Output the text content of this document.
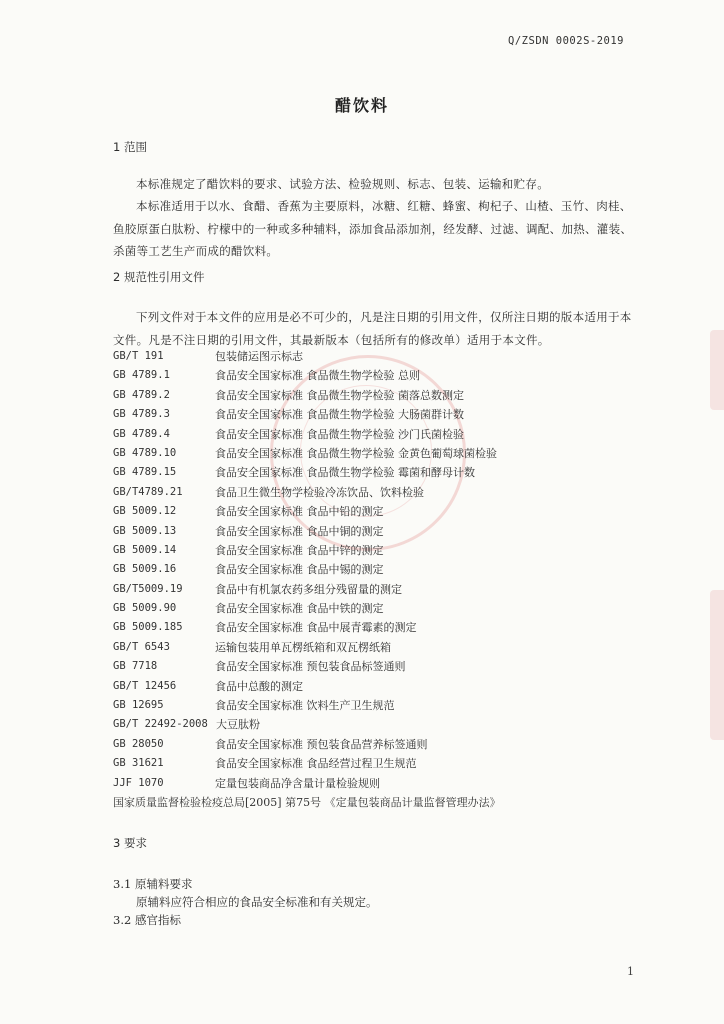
Q/ZSDN 0002S-2019
醋饮料
1 范围

本标准规定了醋饮料的要求、试验方法、检验规则、标志、包装、运输和贮存。

本标准适用于以水、食醋、香蕉为主要原料，冰糖、红糖、蜂蜜、枸杞子、山楂、玉竹、肉桂、鱼胶原蛋白肽粉、柠檬中的一种或多种辅料，添加食品添加剂，经发酵、过滤、调配、加热、灌装、杀菌等工艺生产而成的醋饮料。

2 规范性引用文件

下列文件对于本文件的应用是必不可少的，凡是注日期的引用文件，仅所注日期的版本适用于本文件。凡是不注日期的引用文件，其最新版本（包括所有的修改单）适用于本文件。

GB/T 191	包装储运图示标志
GB 4789.1	食品安全国家标准 食品微生物学检验 总则
GB 4789.2	食品安全国家标准 食品微生物学检验 菌落总数测定
GB 4789.3	食品安全国家标准 食品微生物学检验 大肠菌群计数
GB 4789.4	食品安全国家标准 食品微生物学检验 沙门氏菌检验
GB 4789.10	食品安全国家标准 食品微生物学检验 金黄色葡萄球菌检验
GB 4789.15	食品安全国家标准 食品微生物学检验 霉菌和酵母计数
GB/T4789.21	食品卫生微生物学检验冷冻饮品、饮料检验
GB 5009.12	食品安全国家标准 食品中铅的测定
GB 5009.13	食品安全国家标准 食品中铜的测定
GB 5009.14	食品安全国家标准 食品中锌的测定
GB 5009.16	食品安全国家标准 食品中锡的测定
GB/T5009.19	食品中有机氯农药多组分残留量的测定
GB 5009.90	食品安全国家标准 食品中铁的测定
GB 5009.185	食品安全国家标准 食品中展青霉素的测定
GB/T 6543	运输包装用单瓦楞纸箱和双瓦楞纸箱
GB 7718	食品安全国家标准 预包装食品标签通则
GB/T 12456	食品中总酸的测定
GB 12695	食品安全国家标准 饮料生产卫生规范
GB/T 22492-2008 大豆肽粉
GB 28050	食品安全国家标准 预包装食品营养标签通则
GB 31621	食品安全国家标准 食品经营过程卫生规范
JJF 1070	定量包装商品净含量计量检验规则
国家质量监督检验检疫总局[2005] 第75号 《定量包装商品计量监督管理办法》
3 要求
3.1 原辅料要求
原辅料应符合相应的食品安全标准和有关规定。
3.2 感官指标
1
